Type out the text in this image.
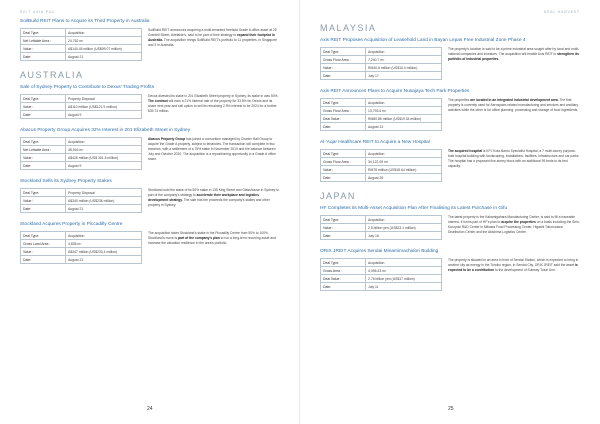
REIT ASIA PAC
SoilBuild REIT Plans to Acquire its Third Property in Australia
Deal Type:	Acquisition
Net Lettable Area :	24,762 m²
Value :	A$140.45 million (US$99.07 million)
Date:	August 21
SoilBuild REIT announces acquiring a multi-tenanted freehold Grade A office asset at 25 Grenfell Street, Adelaide's, said to be part of their strategy to expand their footprint in Australia. The acquisition brings SoilBuild REIT's portfolio to 11 properties, in Singapore and 3 in Australia.
AUSTRALIA
Sale of Sydney Property to Contribute to Dexus' Trading Profits
Deal Type:	Property Disposal
Value :	A$110 million (US$121.9 million)
Date:	August 9
Dexus divested its stake in 201 Elizabeth Street property in Sydney, its stake in was 50%. The contract will earn a 21% internal rate of the property for 33.5% for Dexus and its share next year and sell option to sell its remaining 2.9% interest to be 2024 for a further $39.74 million.
Abacus Property Group Acquires 32% Interest in 201 Elizabeth Street in Sydney
Deal Type:	Acquisition
Net Lettable Area :	38,916 m²
Value :	A$426 million (US$ 301.5 million)
Date:	August 9
Abacus Property Group has joined a consortium managed by Charter Hall Group to acquire the Grade A property, subject to tenancies. The transaction will complete in two tranches, with a settlement of a 75% stake in November 2019 and the balance between July and October 2020. The acquisition is a repositioning opportunity in a Grade A office tower.
Stockland Sells its Sydney Property Stakes
Deal Type:	Property Disposal
Value :	A$340 million (US$238 million)
Date:	August 21
Stockland sold the stake of its 50% stake in 135 King Street and Glasshouse in Sydney to part of the company's strategy to accelerate their workplace and logistics development strategy. The sale has the proceeds the company's stakes and other property in Sydney.
Stockland Acquires Property in Piccadilly Centre
Deal Type:	Acquisition
Gross Land Area :	4,835 m²
Value :	A$347 million (US$233.4 million)
Date:	August 21
The acquisition takes Stockland's stake in the Piccadilly Centre from 50% to 100%. Stockland's move is part of the company's plan to run a long-term recurring asset and increase the valuation resilience in the area's portfolio.
24
DEAL HARVEST
MALAYSIA
Axis REIT Proposes Acquisition of Leasehold Land in Bayan Lepas Free Industrial Zone Phase 4
Deal Type:	Acquisition
Gross Floor Area :	7,240.7 m²
Value :	RM40.6 million (US$10.4 million)
Date:	July 17
The property's location is said to be a prime industrial area sought after by local and multi-national companies and investors. The acquisition will enable Axis REIT to strengthen its portfolio of industrial properties.
Axis REIT Announces Plans to Acquire Nusajaya Tech Park Properties
Deal Type:	Acquisition
Gross Floor Area :	13,793.6 m²
Deal Value :	RM80.86 million (US$19.34 million)
Date:	August 13
The properties are located in an integrated industrial development area. The first property is currently used for Aerospace-related manufacturing and services and ancillary activities while the other is for office planning, processing and storage of food ingredients.
Al-'Aqar Healthcare REIT to Acquire a New Hospital
Deal Type:	Acquisition
Gross Floor Area :	34,122.09 m²
Value :	RM78 million (US$18.64 million)
Date:	August 26
The acquired hospital is KPJ Kota Bahru Specialist Hospital, a 7 multi-storey purpose-built hospital building with landscaping, installations, facilities, infrastructure and car parks. The hospital has a proposed five-storey block with an additional 99 beds to its bed capacity.
JAPAN
HF Completes its Multi-Asset Acquisition Plan After Finalising its Latest Purchase in Gifu
Deal Type:	Acquisition
Value :	2.5 billion yen (US$23.1 million)
Date:	July 16
The latest property is the Kakamigahara Manufacturing Center, is said to fill a traceable interest. It forms part of HF's plan to acquire the properties on a basis including the Shin-Kuroyuki R&D Center in Mikawa Food Processing Center, Higashi Tokorozawa Distribution Center and the Akishima Logistics Center.
ORIX JREIT Acquires Sendai Minamimachidori Building
Deal Type:	Acquisition
Gross Area :	4,096.43 m²
Deal Value :	2.76 billion yen (US$17 million)
Date:	July 11
The property is situated in an area in front of Sendai Station, which is expected to bring in another city as energy in the Tohoku region, in Sendai City. ORIX JREIT said the asset is expected to be a contribution to the development of Subway Tozai Line.
25
